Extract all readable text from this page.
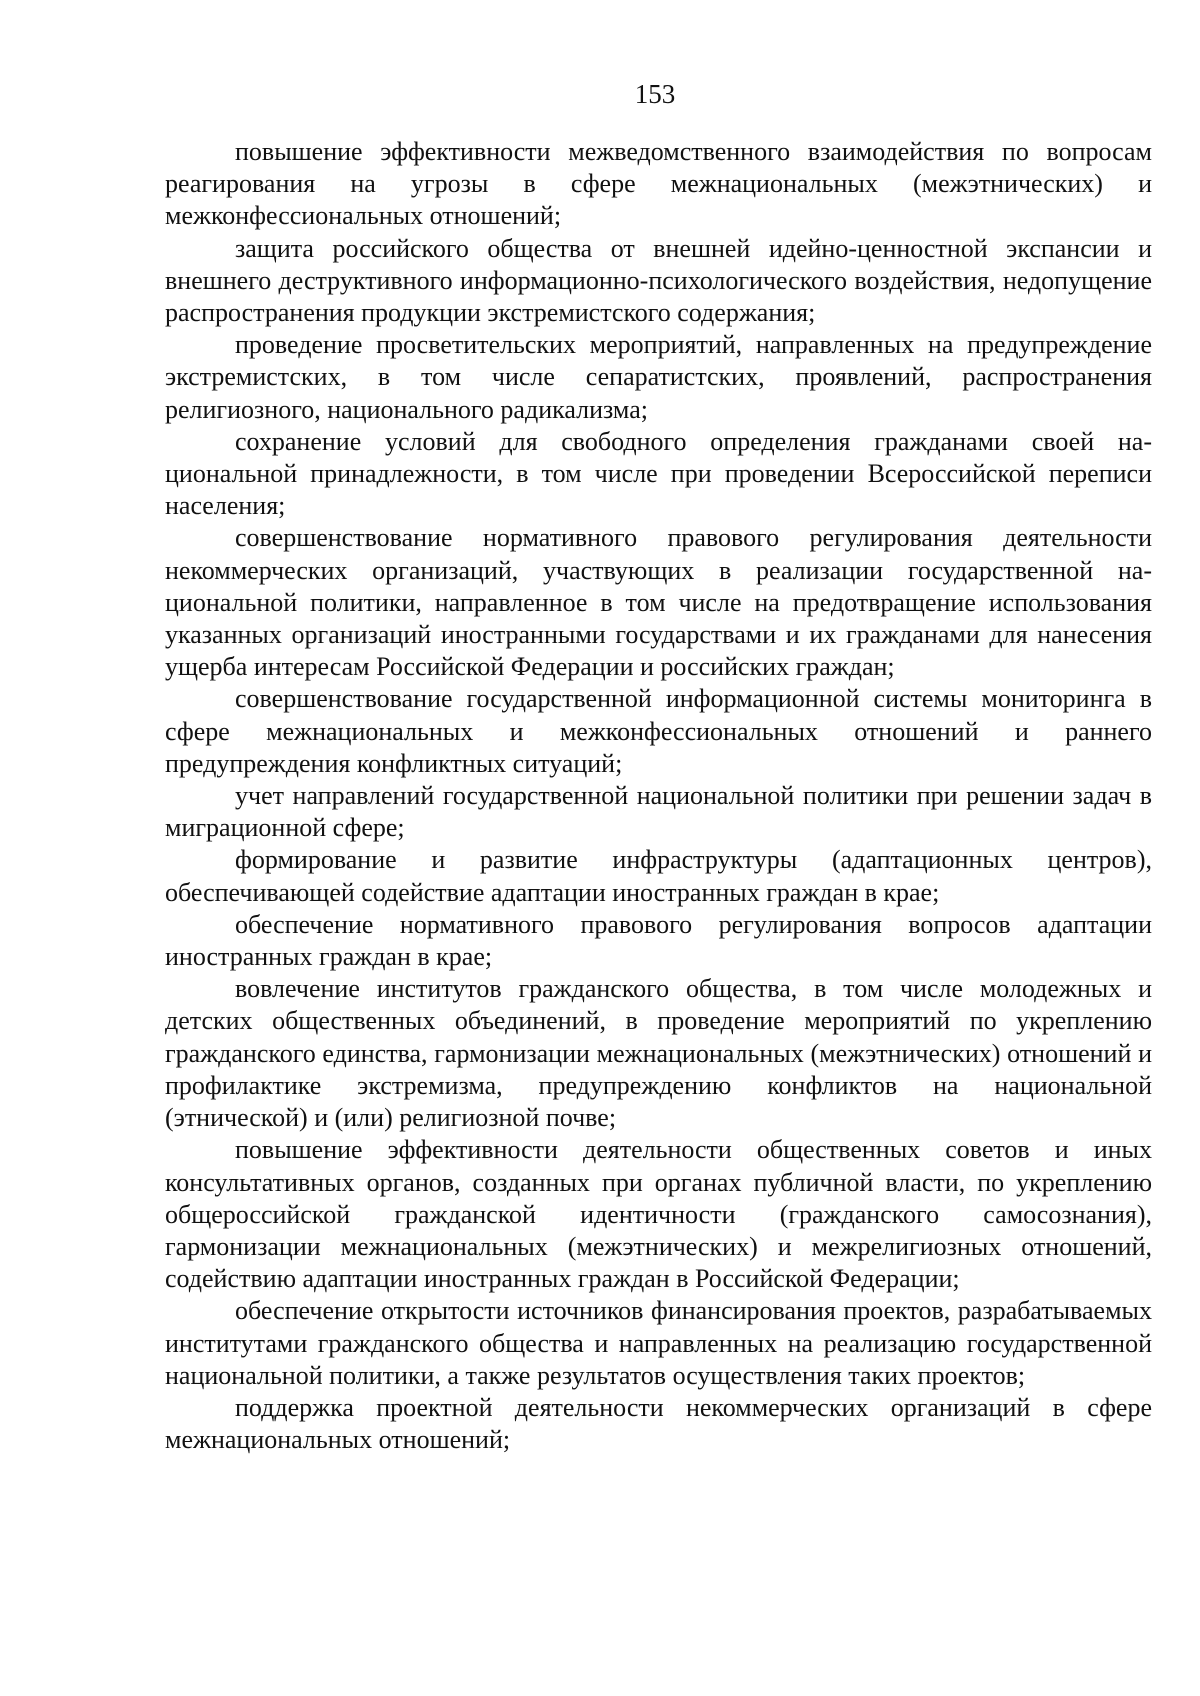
153

повышение эффективности межведомственного взаимодействия по вопросам реагирования на угрозы в сфере межнациональных (межэтнических) и межконфессиональных отношений;

защита российского общества от внешней идейно-ценностной экспансии и внешнего деструктивного информационно-психологического воздействия, недопущение распространения продукции экстремистского содержания;

проведение просветительских мероприятий, направленных на предупреждение экстремистских, в том числе сепаратистских, проявлений, распространения религиозного, национального радикализма;

сохранение условий для свободного определения гражданами своей национальной принадлежности, в том числе при проведении Всероссийской переписи населения;

совершенствование нормативного правового регулирования деятельности некоммерческих организаций, участвующих в реализации государственной национальной политики, направленное в том числе на предотвращение использования указанных организаций иностранными государствами и их гражданами для нанесения ущерба интересам Российской Федерации и российских граждан;

совершенствование государственной информационной системы мониторинга в сфере межнациональных и межконфессиональных отношений и раннего предупреждения конфликтных ситуаций;

учет направлений государственной национальной политики при решении задач в миграционной сфере;

формирование и развитие инфраструктуры (адаптационных центров), обеспечивающей содействие адаптации иностранных граждан в крае;

обеспечение нормативного правового регулирования вопросов адаптации иностранных граждан в крае;

вовлечение институтов гражданского общества, в том числе молодежных и детских общественных объединений, в проведение мероприятий по укреплению гражданского единства, гармонизации межнациональных (межэтнических) отношений и профилактике экстремизма, предупреждению конфликтов на национальной (этнической) и (или) религиозной почве;

повышение эффективности деятельности общественных советов и иных консультативных органов, созданных при органах публичной власти, по укреплению общероссийской гражданской идентичности (гражданского самосознания), гармонизации межнациональных (межэтнических) и межрелигиозных отношений, содействию адаптации иностранных граждан в Российской Федерации;

обеспечение открытости источников финансирования проектов, разрабатываемых институтами гражданского общества и направленных на реализацию государственной национальной политики, а также результатов осуществления таких проектов;

поддержка проектной деятельности некоммерческих организаций в сфере межнациональных отношений;
